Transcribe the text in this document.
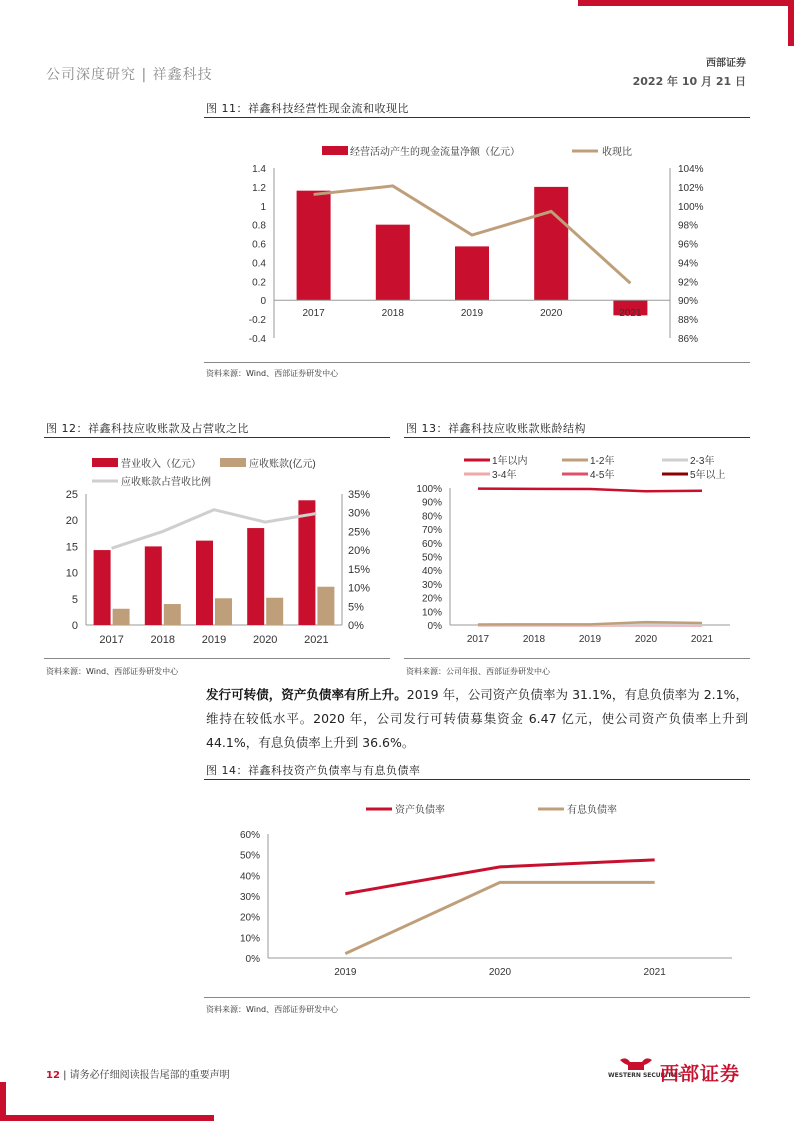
公司深度研究 | 祥鑫科技
西部证券
2022 年 10 月 21 日
图 11：祥鑫科技经营性现金流和收现比
经营活动产生的现金流量净额（亿元）	收现比
1.4
1.2
1
0.8
0.6
0.4
0.2
0
-0.2
-0.4
104%
102%
100%
98%
96%
94%
92%
90%
88%
86%
2017	2018	2019	2020	2021
资料来源：Wind、西部证券研发中心
图 12：祥鑫科技应收账款及占营收之比
营业收入（亿元）	应收账款(亿元)
应收账款占营收比例
25
20
15
10
5
0
35%
30%
25%
20%
15%
10%
5%
0%
2017 2018 2019 2020 2021
资料来源：Wind、西部证券研发中心
图 13：祥鑫科技应收账款账龄结构
1年以内	1-2年	2-3年
3-4年	4-5年	5年以上
100%
90%
80%
70%
60%
50%
40%
30%
20%
10%
0%
2017	2018	2019	2020	2021
资料来源：公司年报、西部证券研发中心
发行可转债，资产负债率有所上升。2019 年，公司资产负债率为 31.1%，有息负债率为 2.1%，维持在较低水平。2020 年，公司发行可转债募集资金 6.47 亿元，使公司资产负债率上升到 44.1%，有息负债率上升到 36.6%。
图 14：祥鑫科技资产负债率与有息负债率
资产负债率	有息负债率
60%
50%
40%
30%
20%
10%
0%
2019	2020	2021
资料来源：Wind、西部证券研发中心
12 | 请务必仔细阅读报告尾部的重要声明	WESTERN SECURITIES
西部证券
